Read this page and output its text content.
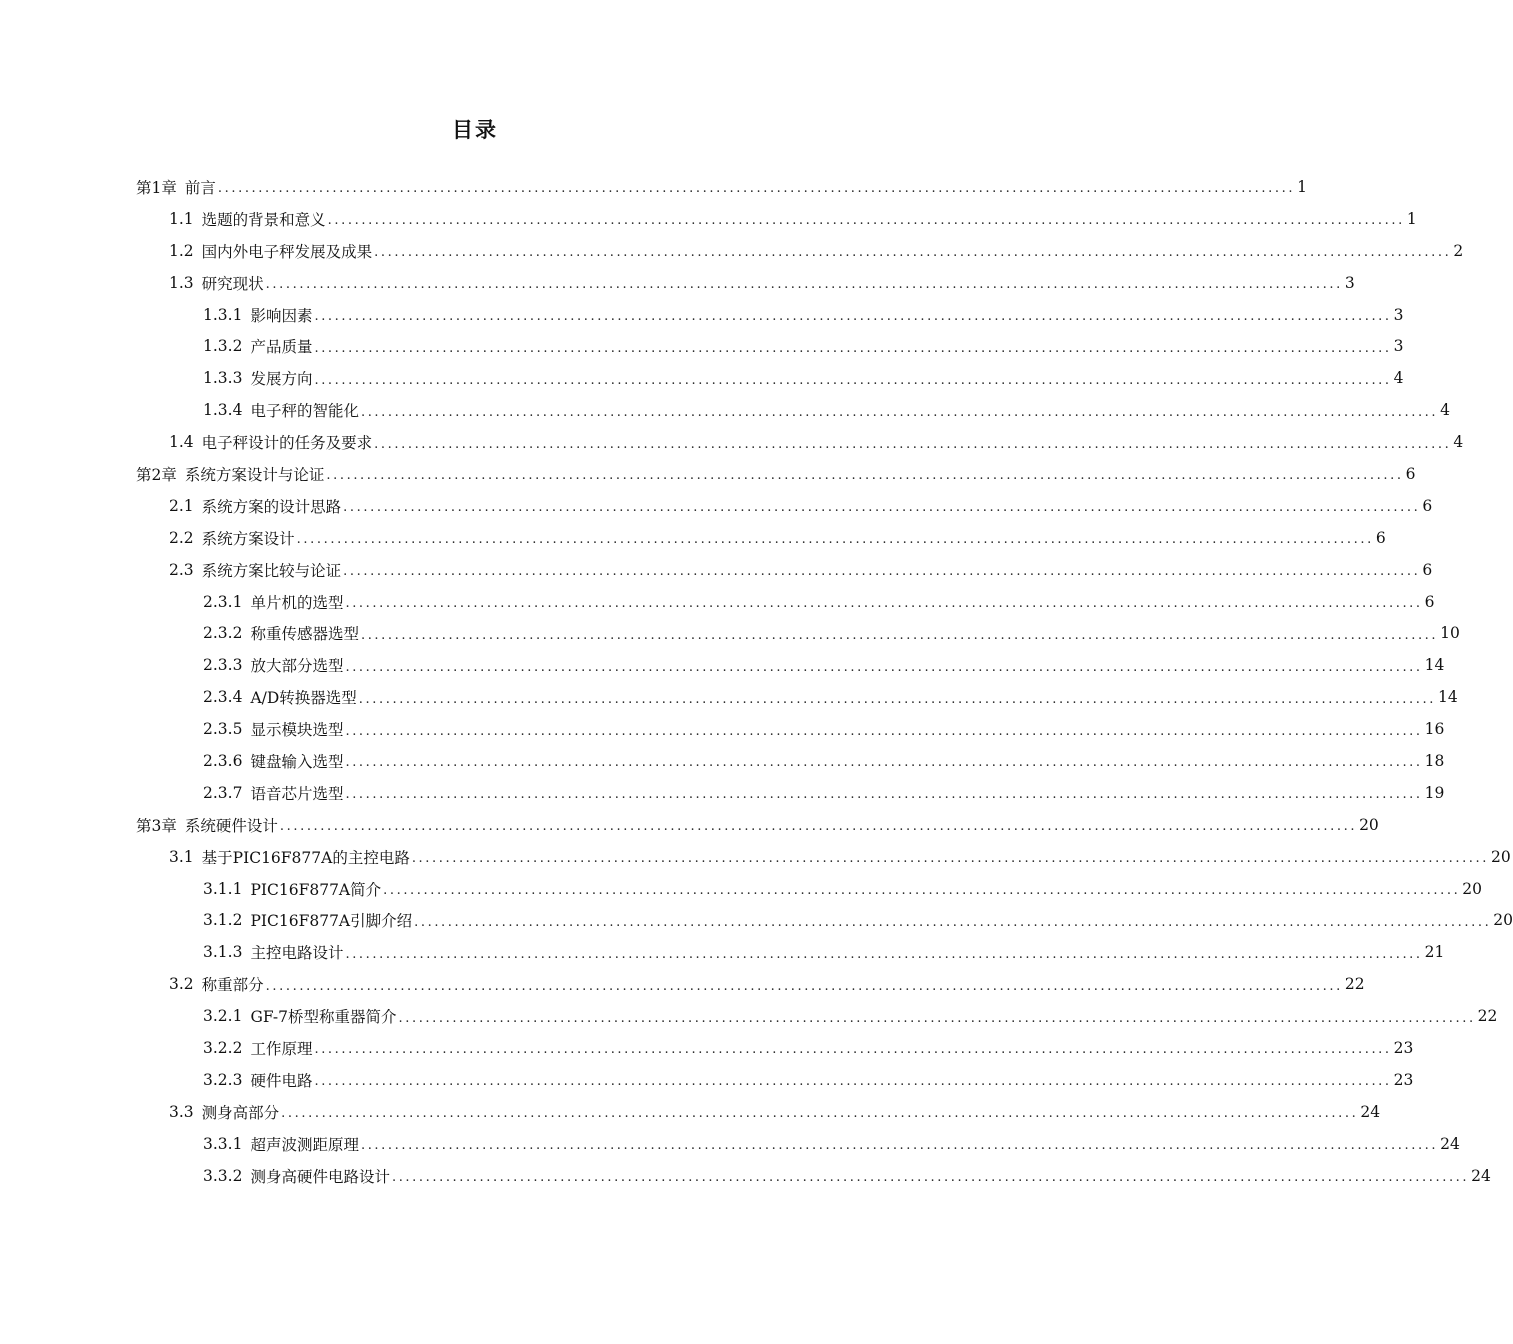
目录
第1章 前言 ................................................................................................................................................................ 1
1.1 选题的背景和意义 ................................................................................................................................................................ 1
1.2 国内外电子秤发展及成果 ................................................................................................................................................................ 2
1.3 研究现状 ................................................................................................................................................................ 3
1.3.1 影响因素 ................................................................................................................................................................ 3
1.3.2 产品质量 ................................................................................................................................................................ 3
1.3.3 发展方向 ................................................................................................................................................................ 4
1.3.4 电子秤的智能化 ................................................................................................................................................................ 4
1.4 电子秤设计的任务及要求 ................................................................................................................................................................ 4
第2章 系统方案设计与论证 ................................................................................................................................................................ 6
2.1 系统方案的设计思路 ................................................................................................................................................................ 6
2.2 系统方案设计 ................................................................................................................................................................ 6
2.3 系统方案比较与论证 ................................................................................................................................................................ 6
2.3.1 单片机的选型 ................................................................................................................................................................ 6
2.3.2 称重传感器选型 ................................................................................................................................................................ 10
2.3.3 放大部分选型 ................................................................................................................................................................ 14
2.3.4 A/D转换器选型 ................................................................................................................................................................ 14
2.3.5 显示模块选型 ................................................................................................................................................................ 16
2.3.6 键盘输入选型 ................................................................................................................................................................ 18
2.3.7 语音芯片选型 ................................................................................................................................................................ 19
第3章 系统硬件设计 ................................................................................................................................................................ 20
3.1 基于PIC16F877A的主控电路 ................................................................................................................................................................ 20
3.1.1 PIC16F877A简介 ................................................................................................................................................................ 20
3.1.2 PIC16F877A引脚介绍 ................................................................................................................................................................ 20
3.1.3 主控电路设计 ................................................................................................................................................................ 21
3.2 称重部分 ................................................................................................................................................................ 22
3.2.1 GF-7桥型称重器简介 ................................................................................................................................................................ 22
3.2.2 工作原理 ................................................................................................................................................................ 23
3.2.3 硬件电路 ................................................................................................................................................................ 23
3.3 测身高部分 ................................................................................................................................................................ 24
3.3.1 超声波测距原理 ................................................................................................................................................................ 24
3.3.2 测身高硬件电路设计 ................................................................................................................................................................ 24
